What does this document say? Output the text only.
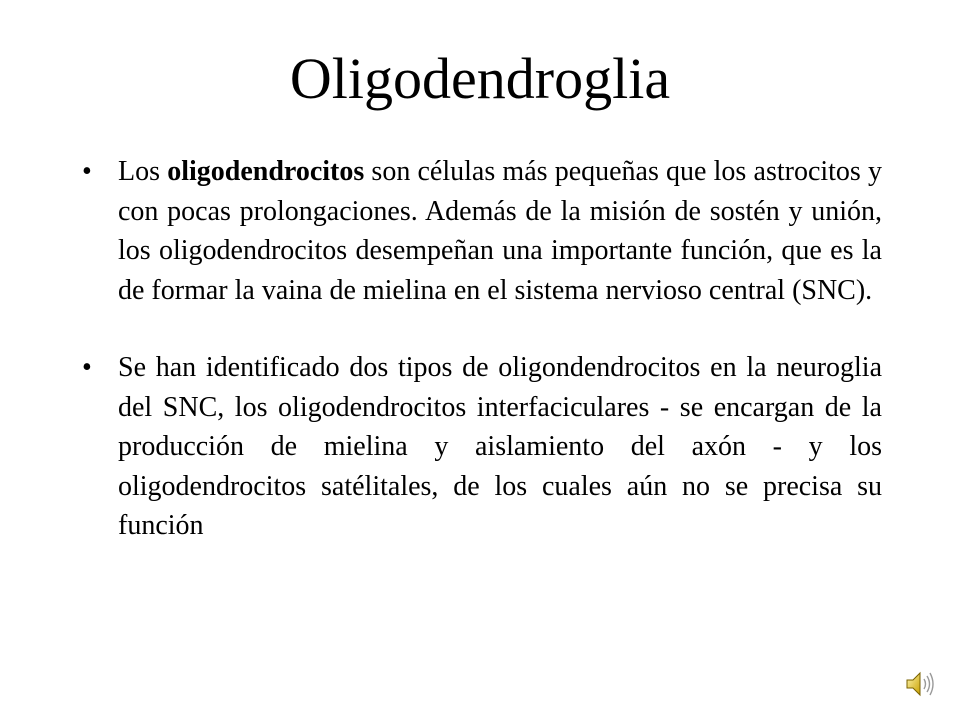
Oligodendroglia
• Los oligodendrocitos son células más pequeñas que los astrocitos y con pocas prolongaciones. Además de la misión de sostén y unión, los oligodendrocitos desempeñan una importante función, que es la de formar la vaina de mielina en el sistema nervioso central (SNC).
• Se han identificado dos tipos de oligondendrocitos en la neuroglia del SNC, los oligodendrocitos interfaciculares - se encargan de la producción de mielina y aislamiento del axón - y los oligodendrocitos satélitales, de los cuales aún no se precisa su función
